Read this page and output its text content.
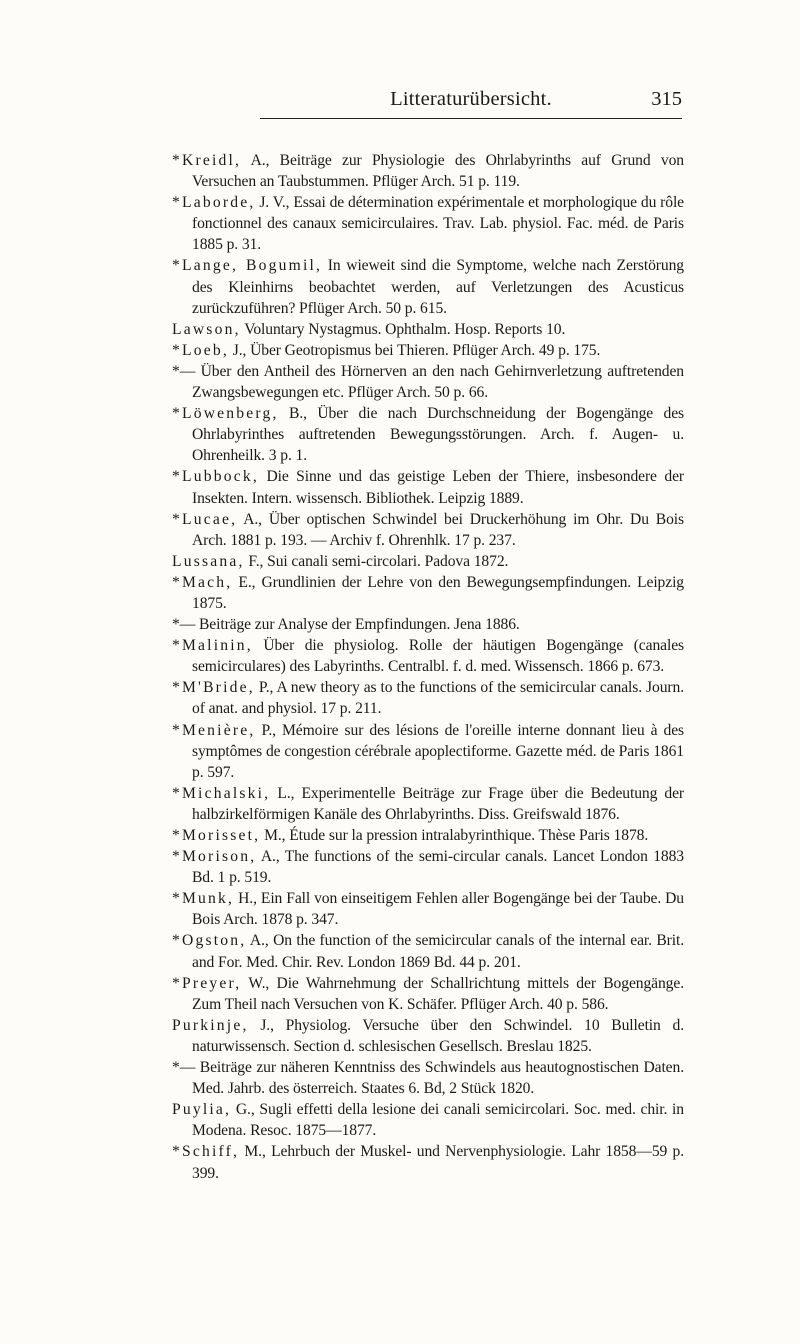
Litteraturübersicht.	315
*Kreidl, A., Beiträge zur Physiologie des Ohrlabyrinths auf Grund von Versuchen an Taubstummen. Pflüger Arch. 51 p. 119.
*Laborde, J. V., Essai de détermination expérimentale et morphologique du rôle fonctionnel des canaux semicirculaires. Trav. Lab. physiol. Fac. méd. de Paris 1885 p. 31.
*Lange, Bogumil, In wieweit sind die Symptome, welche nach Zerstörung des Kleinhirns beobachtet werden, auf Verletzungen des Acusticus zurückzuführen? Pflüger Arch. 50 p. 615.
Lawson, Voluntary Nystagmus. Ophthalm. Hosp. Reports 10.
*Loeb, J., Über Geotropismus bei Thieren. Pflüger Arch. 49 p. 175.
*— Über den Antheil des Hörnerven an den nach Gehirnverletzung auftretenden Zwangsbewegungen etc. Pflüger Arch. 50 p. 66.
*Löwenberg, B., Über die nach Durchschneidung der Bogengänge des Ohrlabyrinthes auftretenden Bewegungsstörungen. Arch. f. Augen- u. Ohrenheilk. 3 p. 1.
*Lubbock, Die Sinne und das geistige Leben der Thiere, insbesondere der Insekten. Intern. wissensch. Bibliothek. Leipzig 1889.
*Lucae, A., Über optischen Schwindel bei Druckerhöhung im Ohr. Du Bois Arch. 1881 p. 193. — Archiv f. Ohrenhlk. 17 p. 237.
Lussana, F., Sui canali semi-circolari. Padova 1872.
*Mach, E., Grundlinien der Lehre von den Bewegungsempfindungen. Leipzig 1875.
*— Beiträge zur Analyse der Empfindungen. Jena 1886.
*Malinin, Über die physiolog. Rolle der häutigen Bogengänge (canales semicirculares) des Labyrinths. Centralbl. f. d. med. Wissensch. 1866 p. 673.
*M'Bride, P., A new theory as to the functions of the semicircular canals. Journ. of anat. and physiol. 17 p. 211.
*Menière, P., Mémoire sur des lésions de l'oreille interne donnant lieu à des symptômes de congestion cérébrale apoplectiforme. Gazette méd. de Paris 1861 p. 597.
*Michalski, L., Experimentelle Beiträge zur Frage über die Bedeutung der halbzirkelförmigen Kanäle des Ohrlabyrinths. Diss. Greifswald 1876.
*Morisset, M., Étude sur la pression intralabyrinthique. Thèse Paris 1878.
*Morison, A., The functions of the semi-circular canals. Lancet London 1883 Bd. 1 p. 519.
*Munk, H., Ein Fall von einseitigem Fehlen aller Bogengänge bei der Taube. Du Bois Arch. 1878 p. 347.
*Ogston, A., On the function of the semicircular canals of the internal ear. Brit. and For. Med. Chir. Rev. London 1869 Bd. 44 p. 201.
*Preyer, W., Die Wahrnehmung der Schallrichtung mittels der Bogengänge. Zum Theil nach Versuchen von K. Schäfer. Pflüger Arch. 40 p. 586.
Purkinje, J., Physiolog. Versuche über den Schwindel. 10 Bulletin d. naturwissensch. Section d. schlesischen Gesellsch. Breslau 1825.
*— Beiträge zur näheren Kenntniss des Schwindels aus heautognostischen Daten. Med. Jahrb. des österreich. Staates 6. Bd, 2 Stück 1820.
Puylia, G., Sugli effetti della lesione dei canali semicircolari. Soc. med. chir. in Modena. Resoc. 1875—1877.
*Schiff, M., Lehrbuch der Muskel- und Nervenphysiologie. Lahr 1858—59 p. 399.
